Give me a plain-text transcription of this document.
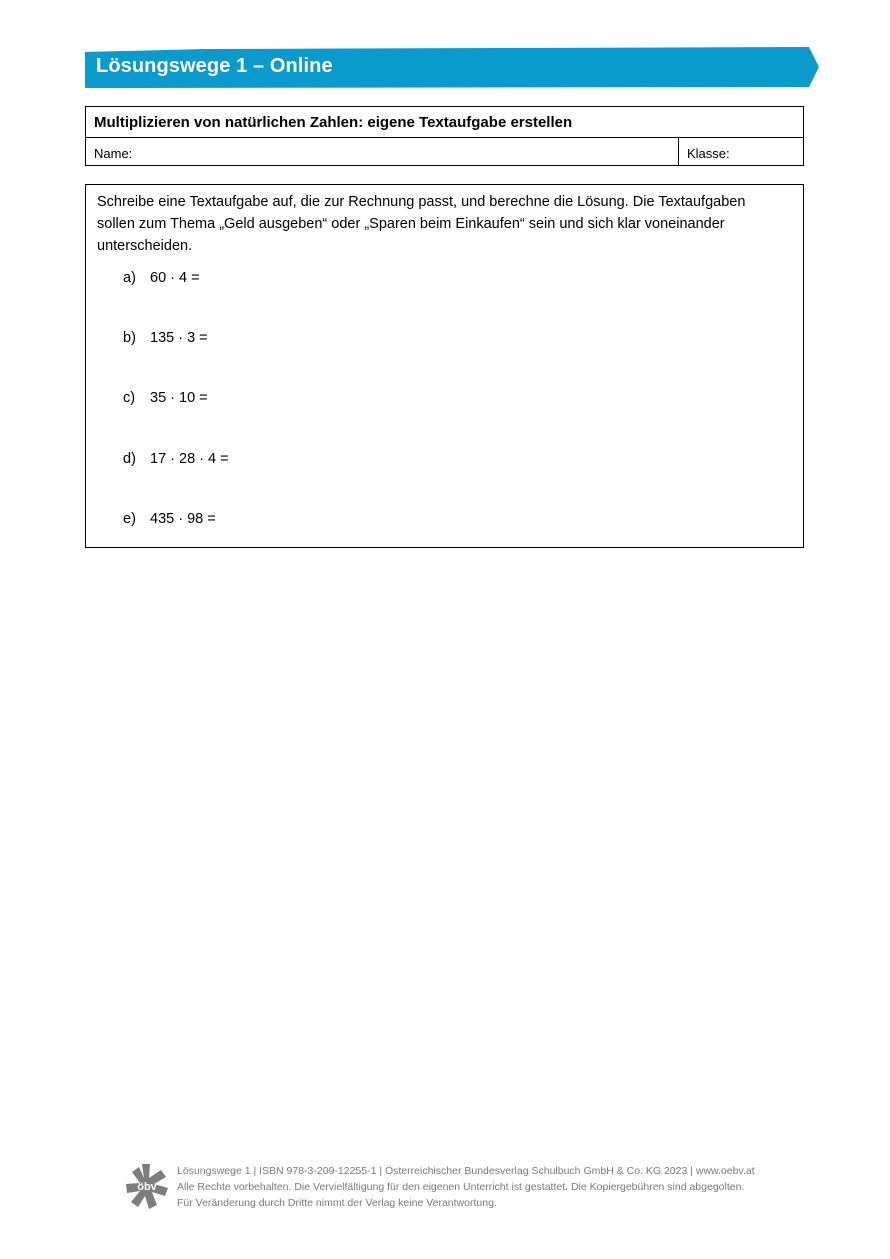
Lösungswege 1 – Online
Multiplizieren von natürlichen Zahlen: eigene Textaufgabe erstellen
Name:	Klasse:
Schreibe eine Textaufgabe auf, die zur Rechnung passt, und berechne die Lösung. Die Textaufgaben sollen zum Thema „Geld ausgeben“ oder „Sparen beim Einkaufen“ sein und sich klar voneinander unterscheiden.
a) 60 · 4 =
b) 135 · 3 =
c) 35 · 10 =
d) 17 · 28 · 4 =
e) 435 · 98 =
öbv
Lösungswege 1 | ISBN 978-3-209-12255-1 | Österreichischer Bundesverlag Schulbuch GmbH & Co. KG 2023 | www.oebv.at
Alle Rechte vorbehalten. Die Vervielfältigung für den eigenen Unterricht ist gestattet. Die Kopiergebühren sind abgegolten.
Für Veränderung durch Dritte nimmt der Verlag keine Verantwortung.
